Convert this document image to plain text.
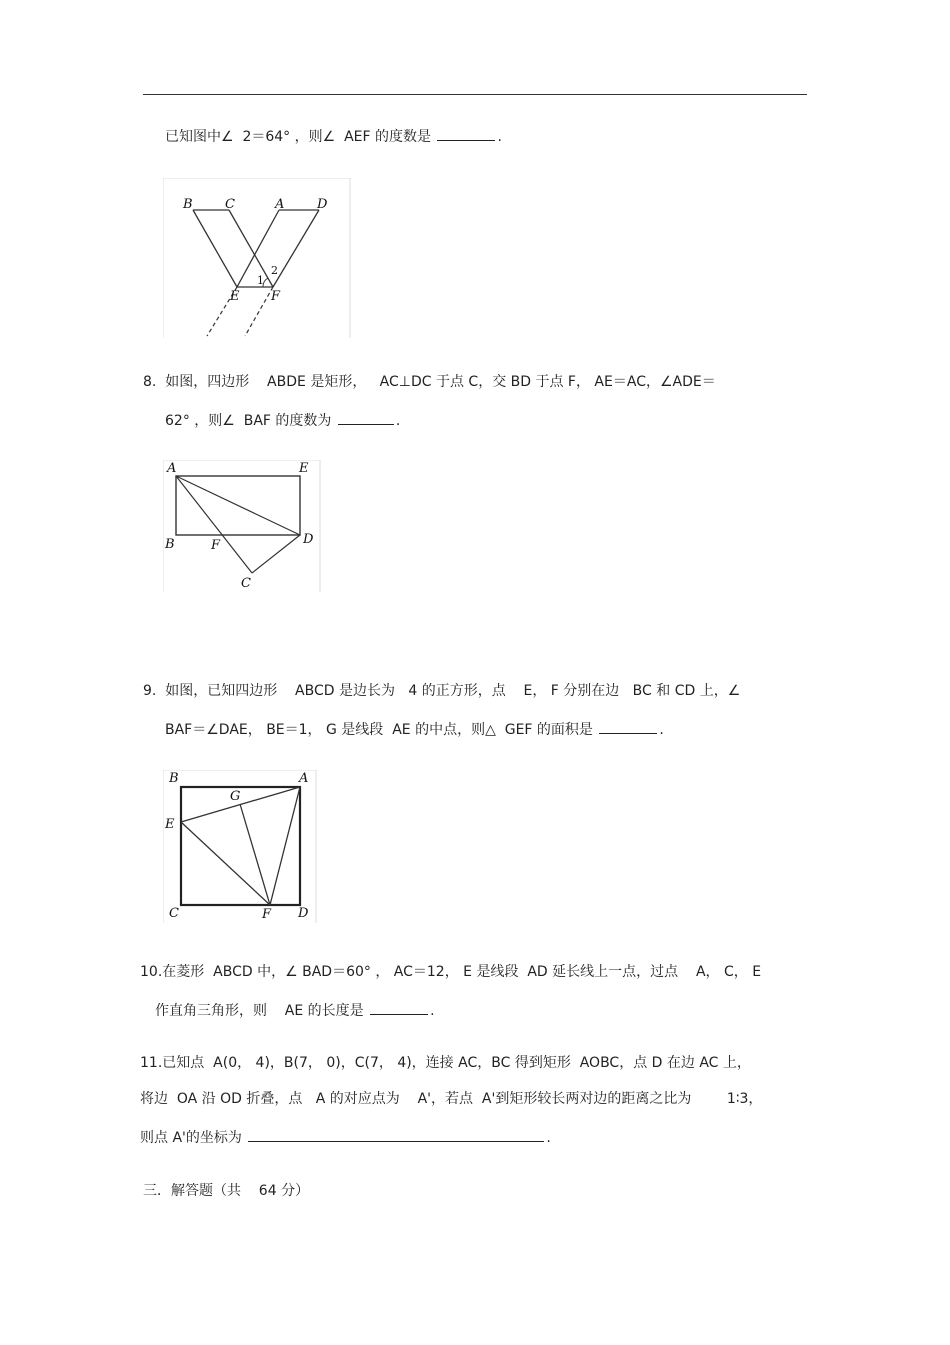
已知图中∠  2＝64° ，则∠  AEF 的度数是	.
B C	A	D
E F
1
2
8.  如图，四边形    ABDE 是矩形，   AC⊥DC 于点 C，交 BD 于点 F， AE＝AC，∠ADE＝
62° ，则∠  BAF 的度数为	.
A	E
B	F	D
C
9.  如图，已知四边形    ABCD 是边长为   4 的正方形，点    E， F 分别在边   BC 和 CD 上，∠
BAF＝∠DAE， BE＝1， G 是线段  AE 的中点，则△  GEF 的面积是	.
B	A
G
E
C	F D
10.在菱形  ABCD 中，∠ BAD＝60° ， AC＝12， E 是线段  AD 延长线上一点，过点    A， C， E
作直角三角形，则    AE 的长度是	.
11.已知点  A(0， 4)，B(7， 0)，C(7， 4)，连接 AC，BC 得到矩形  AOBC，点 D 在边 AC 上，
将边  OA 沿 OD 折叠，点   A 的对应点为    A'，若点  A'到矩形较长两对边的距离之比为        1∶3，
则点 A'的坐标为	.
三．解答题（共    64 分）
